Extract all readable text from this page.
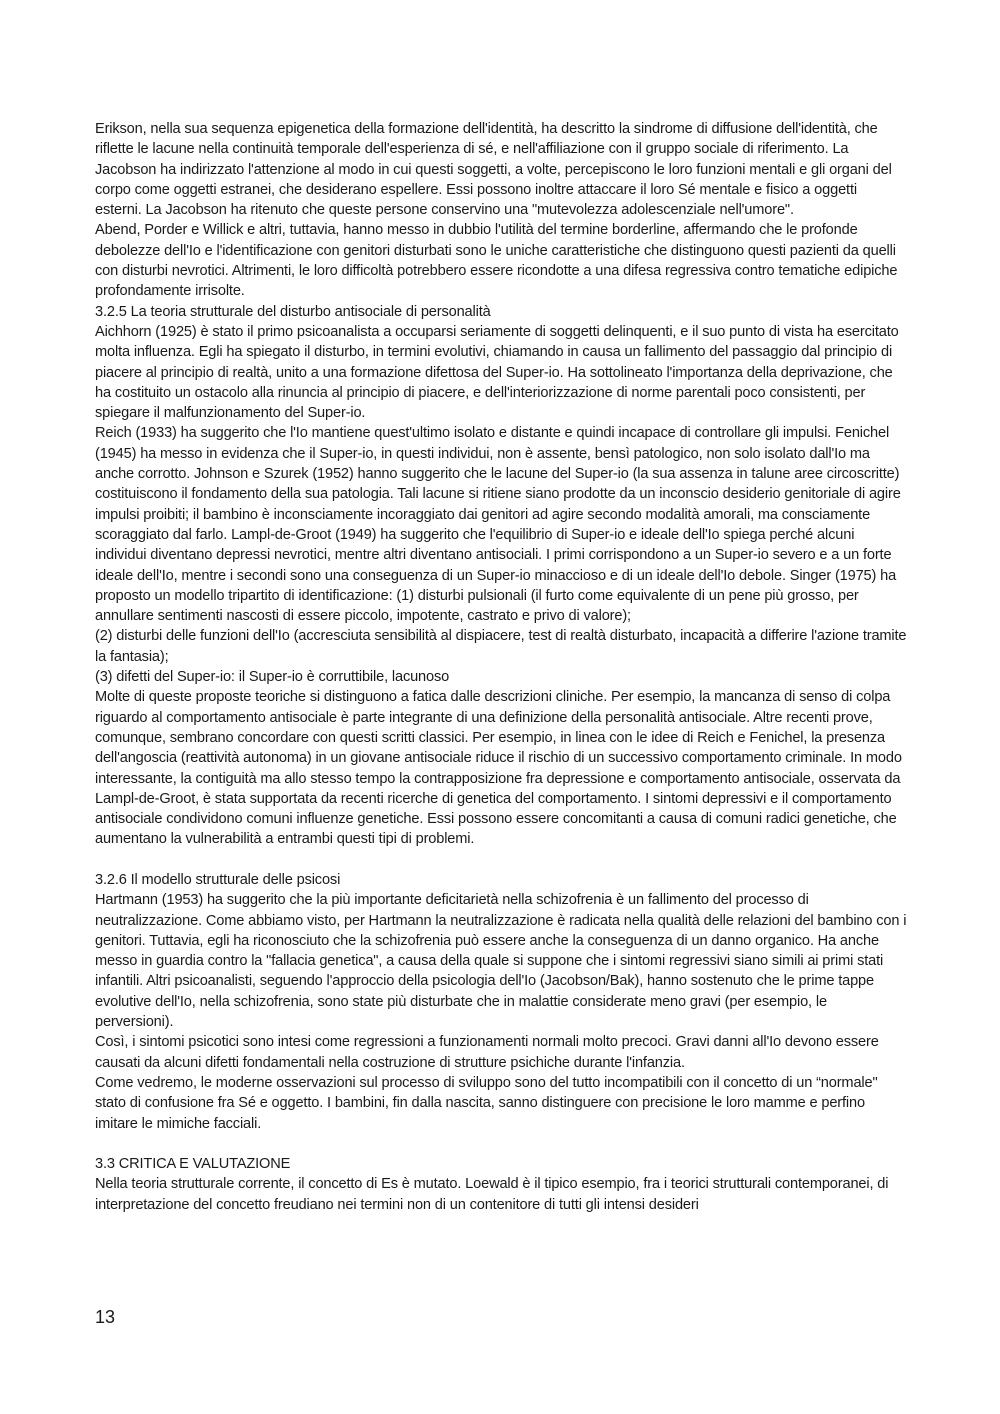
Erikson, nella sua sequenza epigenetica della formazione dell'identità, ha descritto la sindrome di diffusione dell'identità, che riflette le lacune nella continuità temporale dell'esperienza di sé, e nell'affiliazione con il gruppo sociale di riferimento. La Jacobson ha indirizzato l'attenzione al modo in cui questi soggetti, a volte, percepiscono le loro funzioni mentali e gli organi del corpo come oggetti estranei, che desiderano espellere. Essi possono inoltre attaccare il loro Sé mentale e fisico a oggetti esterni. La Jacobson ha ritenuto che queste persone conservino una "mutevolezza adolescenziale nell'umore".

Abend, Porder e Willick e altri, tuttavia, hanno messo in dubbio l'utilità del termine borderline, affermando che le profonde debolezze dell'Io e l'identificazione con genitori disturbati sono le uniche caratteristiche che distinguono questi pazienti da quelli con disturbi nevrotici. Altrimenti, le loro difficoltà potrebbero essere ricondotte a una difesa regressiva contro tematiche edipiche profondamente irrisolte.

3.2.5 La teoria strutturale del disturbo antisociale di personalità

Aichhorn (1925) è stato il primo psicoanalista a occuparsi seriamente di soggetti delinquenti, e il suo punto di vista ha esercitato molta influenza. Egli ha spiegato il disturbo, in termini evolutivi, chiamando in causa un fallimento del passaggio dal principio di piacere al principio di realtà, unito a una formazione difettosa del Super-io. Ha sottolineato l'importanza della deprivazione, che ha costituito un ostacolo alla rinuncia al principio di piacere, e dell'interiorizzazione di norme parentali poco consistenti, per spiegare il malfunzionamento del Super-io.

Reich (1933) ha suggerito che l'Io mantiene quest'ultimo isolato e distante e quindi incapace di controllare gli impulsi. Fenichel (1945) ha messo in evidenza che il Super-io, in questi individui, non è assente, bensì patologico, non solo isolato dall'Io ma anche corrotto. Johnson e Szurek (1952) hanno suggerito che le lacune del Super-io (la sua assenza in talune aree circoscritte) costituiscono il fondamento della sua patologia. Tali lacune si ritiene siano prodotte da un inconscio desiderio genitoriale di agire impulsi proibiti; il bambino è inconsciamente incoraggiato dai genitori ad agire secondo modalità amorali, ma consciamente scoraggiato dal farlo. Lampl-de-Groot (1949) ha suggerito che l'equilibrio di Super-io e ideale dell'Io spiega perché alcuni individui diventano depressi nevrotici, mentre altri diventano antisociali. I primi corrispondono a un Super-io severo e a un forte ideale dell'Io, mentre i secondi sono una conseguenza di un Super-io minaccioso e di un ideale dell'Io debole. Singer (1975) ha proposto un modello tripartito di identificazione: (1) disturbi pulsionali (il furto come equivalente di un pene più grosso, per annullare sentimenti nascosti di essere piccolo, impotente, castrato e privo di valore);

(2) disturbi delle funzioni dell'Io (accresciuta sensibilità al dispiacere, test di realtà disturbato, incapacità a differire l'azione tramite la fantasia);

(3) difetti del Super-io: il Super-io è corruttibile, lacunoso

Molte di queste proposte teoriche si distinguono a fatica dalle descrizioni cliniche. Per esempio, la mancanza di senso di colpa riguardo al comportamento antisociale è parte integrante di una definizione della personalità antisociale. Altre recenti prove, comunque, sembrano concordare con questi scritti classici. Per esempio, in linea con le idee di Reich e Fenichel, la presenza dell'angoscia (reattività autonoma) in un giovane antisociale riduce il rischio di un successivo comportamento criminale. In modo interessante, la contiguità ma allo stesso tempo la contrapposizione fra depressione e comportamento antisociale, osservata da Lampl-de-Groot, è stata supportata da recenti ricerche di genetica del comportamento. I sintomi depressivi e il comportamento antisociale condividono comuni influenze genetiche. Essi possono essere concomitanti a causa di comuni radici genetiche, che aumentano la vulnerabilità a entrambi questi tipi di problemi.

3.2.6 Il modello strutturale delle psicosi

Hartmann (1953) ha suggerito che la più importante deficitarietà nella schizofrenia è un fallimento del processo di neutralizzazione. Come abbiamo visto, per Hartmann la neutralizzazione è radicata nella qualità delle relazioni del bambino con i genitori. Tuttavia, egli ha riconosciuto che la schizofrenia può essere anche la conseguenza di un danno organico. Ha anche messo in guardia contro la "fallacia genetica", a causa della quale si suppone che i sintomi regressivi siano simili ai primi stati infantili. Altri psicoanalisti, seguendo l'approccio della psicologia dell'Io (Jacobson/Bak), hanno sostenuto che le prime tappe evolutive dell'Io, nella schizofrenia, sono state più disturbate che in malattie considerate meno gravi (per esempio, le perversioni).

Così, i sintomi psicotici sono intesi come regressioni a funzionamenti normali molto precoci. Gravi danni all'Io devono essere causati da alcuni difetti fondamentali nella costruzione di strutture psichiche durante l'infanzia.

Come vedremo, le moderne osservazioni sul processo di sviluppo sono del tutto incompatibili con il concetto di un “normale" stato di confusione fra Sé e oggetto. I bambini, fin dalla nascita, sanno distinguere con precisione le loro mamme e perfino imitare le mimiche facciali.

3.3 CRITICA E VALUTAZIONE

Nella teoria strutturale corrente, il concetto di Es è mutato. Loewald è il tipico esempio, fra i teorici strutturali contemporanei, di interpretazione del concetto freudiano nei termini non di un contenitore di tutti gli intensi desideri

13
